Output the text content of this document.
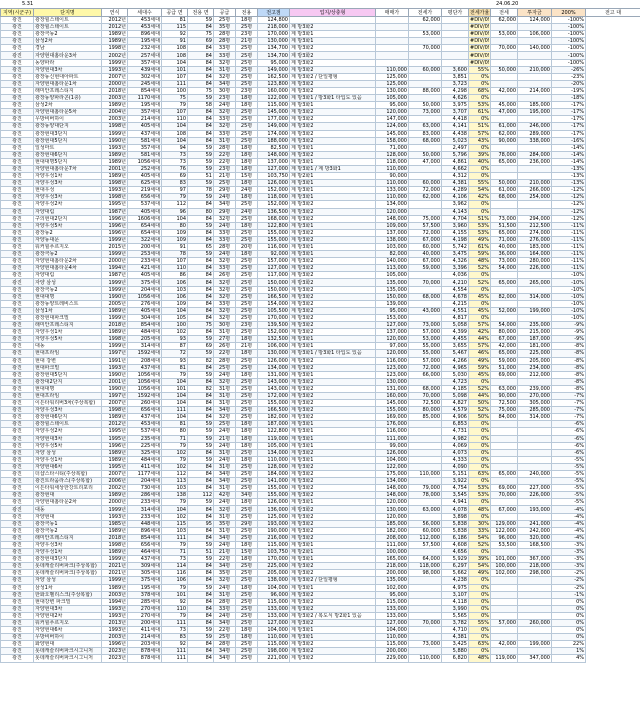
5.31	24.06.20
지역(시군구)	단지명	연식	세대수	공급 면	전용 면	공급	전용	전고점	업지/상충형	매매가	전세가	평단가	전세가율	전세	투자금	200%	전고 대
광진	광장힐스테이트	2012년	453세대	81	59	25평	18평	124,800			62,000		#DIV/0!	62,000	124,000	-100%	
광진	광장힐스테이트	2012년	453세대	115	84	35평	25평	218,000	계 방3화2				#DIV/0!			-100%	
광진	광장극동2	1989년	896세대	92	75	28평	23평	170,000	계 방3화1		53,000		#DIV/0!	53,000	106,000	-100%	
광진	삼성2차	1989년	195세대	91	69	28평	21평	130,000	계 방3화1				#DIV/0!			-100%	
광진	경남	1998년	232세대	108	84	33평	25평	134,700	계 방3화2		70,000		#DIV/0!	70,000	140,000	-100%	
광진	자양현대홈타운3차	2002년	257세대	108	84	33평	25평	134,700	계 방3화2				#DIV/0!			-100%	
광진	동양파라	1999년	357세대	104	84	32평	25평	95,000	계 방3화2				#DIV/0!			-100%	
광진	자양현대3차	1993년	439세대	101	84	31평	25평	149,000	계 방3화2	110,000	60,000	3,600	55%	50,000	210,000	-26%	
광진	광장동신현대아파트	2007년	302세대	107	84	32평	25평	162,500	계 방3화2 / 단일평형	125,000		3,851	0%			-23%	
광진	자양현대홈타운1차	2000년	245세대	111	84	34평	25평	123,800	계 방3화2	125,000		3,723	0%			-20%	
광진	래미안프레스티지	2018년	854세대	100	75	30평	23평	160,000	계 방3화2	130,000	88,000	4,298	68%	42,000	214,000	-19%	
광진	광장동양파라곤(1층)	2003년	1170세대	75	59	23평	18평	122,000	계 방3화1 / 방3화1 타입도 있음	105,000		4,626	0%			-18%	
광진	삼성2차	1989년	195세대	79	58	24평	18평	115,000	계 방3화1	95,000	50,000	3,975	53%	45,000	185,000	-17%	
광진	자양현대홈타운5차	2004년	357세대	107	84	32평	25평	145,000	계 방3화2	120,000	73,000	3,707	61%	47,000	195,000	-17%	
광진	우방비버하이	2003년	214세대	110	84	33평	25평	177,000	계 방3화2	147,000		4,418	0%			-17%	
광진	광장동양대단지	1998년	405세대	104	84	32평	25평	149,000	계 방3화2	124,000	63,000	4,141	51%	61,000	246,000	-17%	
광진	광장현대3단지	1999년	437세대	108	84	33평	25평	174,000	계 방3화2	145,000	83,000	4,438	57%	62,000	289,000	-17%	
광진	광장현대5단지	1990년	581세대	104	84	31평	25평	188,000	계 방3화2	158,000	68,000	5,023	43%	90,000	338,000	-16%	
광진	일성마트	1993년	357세대	94	59	28평	18평	82,500	계 방3화1	71,000		2,497	0%			-14%	
광진	광장현대6단지	1989년	581세대	73	59	22평	18평	148,000	계 방3화2	128,000	50,000	5,796	39%	78,000	284,000	-14%	
광진	현대대명5단지	1989년	1056세대	73	59	22평	18평	137,000	계 방3화1	118,000	47,000	4,861	40%	65,000	236,000	-14%	
광진	자양현대홈타운7차	2001년	252세대	76	59	23평	18평	127,000	계 방3화1 / 계 방3화1	110,000		4,662	0%			-13%	
광진	자양우성1차	1989년	405세대	69	51	21평	15평	103,750	계 방2화1	90,000		4,312	0%			-13%	
광진	자양우성3차	1998년	625세대	83	59	25평	18평	126,000	계 방3화1	110,000	60,000	4,381	55%	50,000	210,000	-13%	
광진	현대우성	1993년	219세대	97	78	29평	24평	152,000	계 방3화1	133,000	72,000	4,289	54%	61,000	266,000	-12%	
광진	자양우성3차	1998년	656세대	79	59	24평	18평	118,000	계 방3화1	110,000	62,000	4,106	42%	68,000	254,000	-12%	
광진	자양우성2차	1995년	537세대	112	84	34평	25평	152,000	계 방3화2	134,000		3,962	0%			-12%	
광진	자양대림	1987년	405세대	96	80	29평	24평	136,500	계 방3화2	120,000		4,143	0%			-12%	
광진	구의현대2단지	1996년	1606세대	104	84	32평	25평	168,000	계 방3화2	148,000	75,000	4,704	51%	73,000	294,000	-12%	
광진	자양우성5차	1996년	654세대	80	59	24평	18평	122,800	계 방3화1	109,000	57,500	3,960	53%	51,500	212,500	-11%	
광진	광장동2	1996년	654세대	109	84	33평	25평	155,000	계 방3화2	137,000	72,000	4,155	53%	65,000	274,000	-11%	
광진	자양동대문	1999년	322세대	109	84	33평	25평	155,000	계 방3화2	138,000	67,000	4,198	49%	71,000	276,000	-11%	
광진	워커힐푸르지오	2015년	200세대	91	65	28평	20평	116,000	계 방3화1	103,000	60,000	5,742	61%	40,000	183,000	-11%	
광진	광장극동2	1999년	253세대	78	59	24평	18평	92,000	계 방3화1	82,000	40,000	3,475	59%	36,000	164,000	-11%	
광진	자양현대홈타운2차	2000년	233세대	107	84	32평	25평	157,000	계 방3화2	140,000	67,000	4,326	48%	73,000	280,000	-11%	
광진	자양현대홈타운4차	1994년	421세대	110	84	33평	25평	127,000	계 방3화2	113,000	59,000	3,396	52%	54,000	226,000	-11%	
광진	자양대림	1987년	405세대	86	84	26평	25평	117,000	계 방3화2	105,000		4,036	0%			-10%	
광진	자양 삼성	1999년	375세대	106	84	32평	25평	150,000	계 방3화2	135,000	70,000	4,210	52%	65,000	265,000	-10%	
광진	광장극동2	1999년	204세대	103	84	32평	25평	150,000	계 방3화2	135,000		4,554	0%			-10%	
광진	현대대명	1990년	1056세대	106	84	32평	25평	166,500	계 방3화2	150,000	68,000	4,678	45%	82,000	314,000	-10%	
광진	광장동양트레비스트	2005년	276세대	109	84	33평	25평	154,000	계 방3화2	139,000		4,215	0%			-10%	
광진	삼성1차	1989년	405세대	104	84	32평	25평	105,500	계 방3화2	95,000	43,000	4,551	45%	52,000	199,000	-10%	
광진	광장현대파크빌	1999년	304세대	105	84	32평	25평	170,000	계 방3화2	153,000		4,817	0%			-10%	
광진	래미안프레스티지	2018년	854세대	100	75	30평	23평	139,500	계 방3화2	127,000	73,000	5,058	57%	54,000	235,000	-9%	
광진	자양우성1차	1989년	484세대	102	84	31평	25평	152,000	계 방3화2	137,000	57,000	4,399	42%	80,000	215,000	-9%	
광진	자양우성5차	1998년	205세대	93	59	27평	18평	132,500	계 방3화1	120,000	53,000	4,455	44%	67,000	187,000	-9%	
광진	대동	1999년	314세대	87	69	26평	21평	106,000	계 방3화1	97,000	55,000	3,655	57%	42,000	181,000	-8%	
광진	현대프라임	1997년	1592세대	72	59	22평	18평	130,000	계 방3화1 / 방3화1 타입도 있음	120,000	55,000	5,467	46%	65,000	225,000	-8%	
광진	현대 강변	1991년	208세대	93	82	28평	25평	126,000	계 방3화2	116,000	57,000	4,266	49%	59,000	205,000	-8%	
광진	현대파크빌	1993년	437세대	81	84	25평	25평	134,000	계 방3화2	123,000	72,000	4,965	59%	51,000	234,000	-8%	
광진	광장현대5단지	1990년	1056세대	79	59	24평	18평	131,000	계 방3화1	123,000	66,000	5,030	45%	69,000	212,000	-8%	
광진	광장대2단지	2001년	1056세대	104	84	32평	25평	143,000	계 방3화2	130,000		4,723	0%			-8%	
광진	현대대명	1990년	1056세대	101	82	31평	25평	143,000	계 방3화2	131,000	68,000	4,185	52%	63,000	239,000	-8%	
광진	현대프라임	1997년	1592세대	104	84	31평	25평	172,000	계 방3화2	160,000	70,000	5,098	44%	90,000	270,000	-7%	
광진	이튼타워리버3차(주상복합)	2007년	260세대	104	84	31평	25평	155,000	계 방3화2	145,000	72,500	4,827	50%	72,500	305,000	-7%	
광진	자양우성3차	1998년	656세대	111	84	34평	25평	166,500	계 방3화2	155,000	80,000	4,579	52%	75,000	285,000	-7%	
광진	광장현대6단지	1989년	437세대	104	84	32평	25평	182,000	계 방3화2	169,000	85,000	4,906	50%	84,000	314,000	-7%	
광진	광장힐스테이트	2012년	453세대	81	59	25평	18평	187,000	계 방3화1	176,000		6,853	0%			-6%	
광진	자양우성2차	1995년	537세대	80	59	24평	18평	122,800	계 방3화1	116,000		4,731	0%			-6%	
광진	자양현대3차	1995년	235세대	71	59	21평	18평	119,000	계 방3화1	111,000		4,982	0%			-6%	
광진	자양우성5차	1996년	225세대	79	59	24평	18평	105,000	계 방3화1	99,000		4,069	0%			-6%	
광진	자양 삼성	1989년	325세대	102	84	31평	25평	134,000	계 방3화2	126,000		4,073	0%			-6%	
광진	자양우성1차	1989년	484세대	79	59	24평	18평	110,000	계 방3화1	104,000		4,333	0%			-5%	
광진	자양현대6차	1995년	411세대	102	84	31평	25평	128,000	계 방3화2	122,000		4,090	0%			-5%	
광진	더샵스타시티(주상복합)	2007년	1177세대	112	84	34평	25평	184,000	계 방3화2	175,000	110,000	5,151	63%	65,000	240,000	-5%	
광진	광진트라움라스(주상복합)	2006년	204세대	113	84	34평	25평	141,000	계 방3화2	134,000		3,922	0%			-5%	
광진	이튼타워세상한강트리포리	2002년	730세대	103	84	31평	25평	155,000	계 방3화2	148,000	79,000	4,754	53%	69,000	227,000	-5%	
광진	광장현대	1989년	286세대	138	112	42평	34평	155,000	계 방3화2	148,000	78,000	3,545	53%	70,000	226,000	-5%	
광진	자양현대홈타운2차	2000년	233세대	79	59	24평	18평	126,000	계 방3화1	120,000		4,941	0%			-5%	
광진	대동	1999년	314세대	104	84	32평	25평	136,000	계 방3화2	130,000	63,000	4,078	48%	67,000	193,000	-4%	
광진	자양현대	1993년	233세대	102	84	31평	25평	125,000	계 방3화2	120,000		3,898	0%			-4%	
광진	광장극동1	1985년	448세대	115	95	35평	29평	193,000	계 방3화2	185,000	56,000	5,838	30%	129,000	241,000	-4%	
광진	광장극동2	1989년	896세대	103	84	31평	25평	190,000	계 방3화2	182,000	60,000	5,838	33%	122,000	242,000	-4%	
광진	래미안프레스티지	2018년	854세대	111	84	34평	25평	216,000	계 방3화2	208,000	112,000	6,186	54%	96,000	320,000	-4%	
광진	자양우성3차	1998년	656세대	79	59	24평	18평	115,000	계 방3화1	111,000	57,500	4,608	52%	53,500	168,500	-3%	
광진	자양우성1차	1989년	464세대	71	51	21평	15평	103,750	계 방2화1	100,000		4,656	0%			-3%	
광진	광장현대3단지	1999년	437세대	73	59	22평	18평	170,000	계 방3화1	165,000	64,000	5,929	39%	101,000	367,000	-3%	
광진	롯데캐슬리버파크(주상복합)	2021년	309세대	114	84	34평	25평	225,000	계 방3화2	218,000	118,000	6,297	54%	100,000	218,000	-3%	
광진	롯데캐슬리버파크(주상복합)	2021년	305세대	116	84	35평	25평	205,000	계 방3화2	200,000	98,000	5,662	49%	102,000	298,000	-2%	
광진	자양 삼성	1999년	375세대	106	84	32평	25평	138,000	계 방3화2 / 단일평형	135,000		4,238	0%			-2%	
광진	삼성1차	1989년	195세대	79	59	24평	18평	104,000	계 방3화1	102,000		4,975	0%			-2%	
광진	한화오벨리스크(주상복합)	2003년	378세대	101	84	31평	25평	96,000	계 방3화2	95,000		3,107	0%			-1%	
광진	현대강변 파크빌	1994년	285세대	92	84	28평	25평	115,000	계 방3화2	115,000		4,118	0%			0%	
광진	자양현대3차	1993년	270세대	110	84	33평	25평	133,000	계 방3화2	133,000		3,990	0%			0%	
광진	자양현대2차	1993년	270세대	79	84	24평	25평	133,000	계 방3화2 / 복도식 방2화1 있음	133,000		5,565	0%			0%	
광진	워커힐푸르지오	2013년	200세대	111	84	34평	25평	127,000	계 방3화2	127,000	70,000	3,782	55%	57,000	260,000	0%	
광진	자양현대6차	1993년	411세대	73	59	22평	18평	104,000	계 방3화1	104,000		4,710	0%			0%	
광진	우방비버하이	2003년	214세대	83	59	25평	18평	110,000	계 방3화1	110,000		4,381	0%			0%	
광진	화양현대	1996년	203세대	92	84	28평	25평	115,000	계 방3화2	115,000	73,000	3,425	63%	42,000	199,000	22%	
광진	롯데캐슬리버파크시그니처	2023년	878세대	111	84	34평	25평	198,000	계 방3화2	200,000		5,880	0%			1%	
광진	롯데캐슬리버파크시그니처	2023년	878세대	111	84	34평	25평	221,000	계 방3화2	229,000	110,000	6,820	48%	119,000	347,000	4%	
